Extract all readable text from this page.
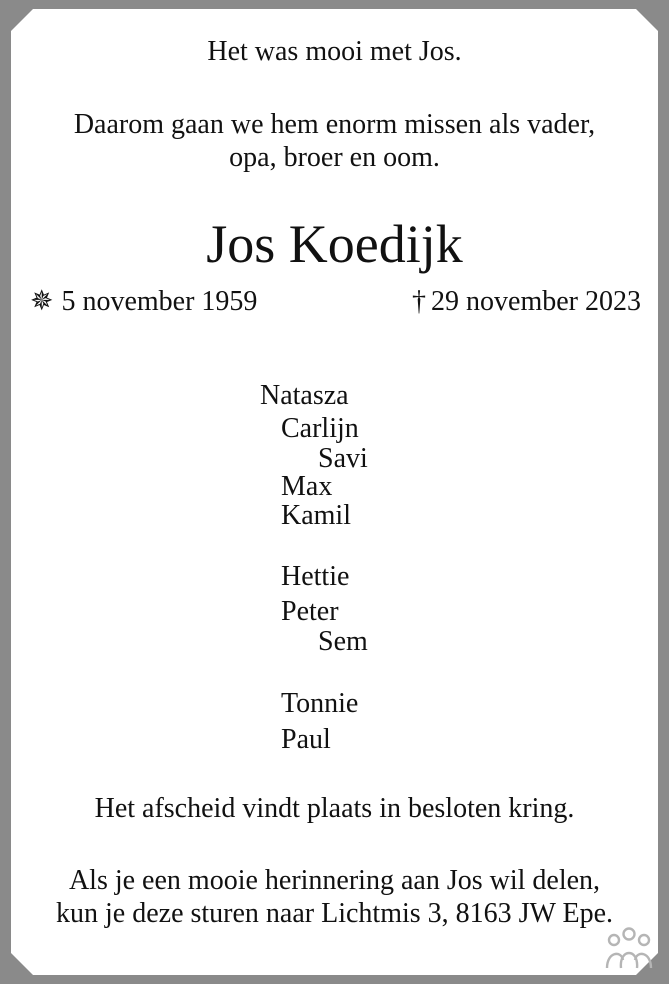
Het was mooi met Jos.
Daarom gaan we hem enorm missen als vader,
opa, broer en oom.
Jos Koedijk
✵ 5 november 1959	† 29 november 2023
Natasza
Carlijn
Savi
Max
Kamil
Hettie
Peter
Sem
Tonnie
Paul
Het afscheid vindt plaats in besloten kring.
Als je een mooie herinnering aan Jos wil delen,
kun je deze sturen naar Lichtmis 3, 8163 JW Epe.
